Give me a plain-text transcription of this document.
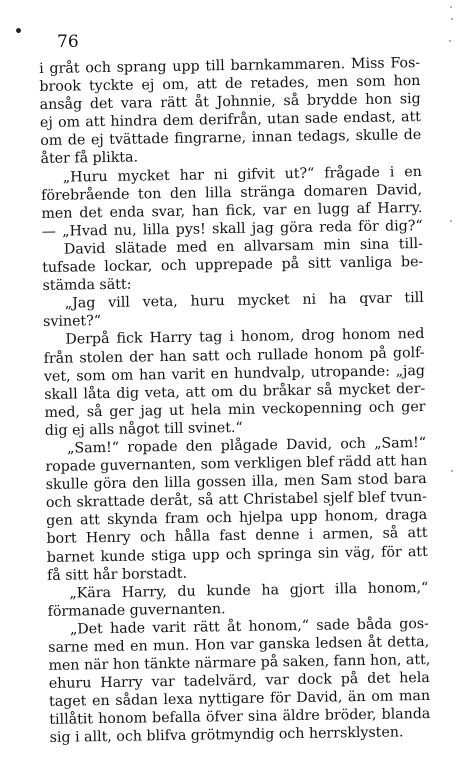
76
i gråt och sprang upp till barnkammaren. Miss Fos-
brook tyckte ej om, att de retades, men som hon
ansåg det vara rätt åt Johnnie, så brydde hon sig
ej om att hindra dem derifrån, utan sade endast, att
om de ej tvättade fingrarne, innan tedags, skulle de
åter få plikta.
„Huru mycket har ni gifvit ut?“ frågade i en
förebrående ton den lilla stränga domaren David,
men det enda svar, han fick, var en lugg af Harry.
— „Hvad nu, lilla pys! skall jag göra reda för dig?“
David slätade med en allvarsam min sina till-
tufsade lockar, och upprepade på sitt vanliga be-
stämda sätt:
„Jag vill veta, huru mycket ni ha qvar till
svinet?“
Derpå fick Harry tag i honom, drog honom ned
från stolen der han satt och rullade honom på golf-
vet, som om han varit en hundvalp, utropande: „jag
skall låta dig veta, att om du bråkar så mycket der-
med, så ger jag ut hela min veckopenning och ger
dig ej alls något till svinet.“
„Sam!“ ropade den plågade David, och „Sam!“
ropade guvernanten, som verkligen blef rädd att han
skulle göra den lilla gossen illa, men Sam stod bara
och skrattade deråt, så att Christabel sjelf blef tvun-
gen att skynda fram och hjelpa upp honom, draga
bort Henry och hålla fast denne i armen, så att
barnet kunde stiga upp och springa sin väg, för att
få sitt hår borstadt.
„Kära Harry, du kunde ha gjort illa honom,“
förmanade guvernanten.
„Det hade varit rätt åt honom,“ sade båda gos-
sarne med en mun. Hon var ganska ledsen åt detta,
men när hon tänkte närmare på saken, fann hon, att,
ehuru Harry var tadelvärd, var dock på det hela
taget en sådan lexa nyttigare för David, än om man
tillåtit honom befalla öfver sina äldre bröder, blanda
sig i allt, och blifva grötmyndig och herrsklysten.
